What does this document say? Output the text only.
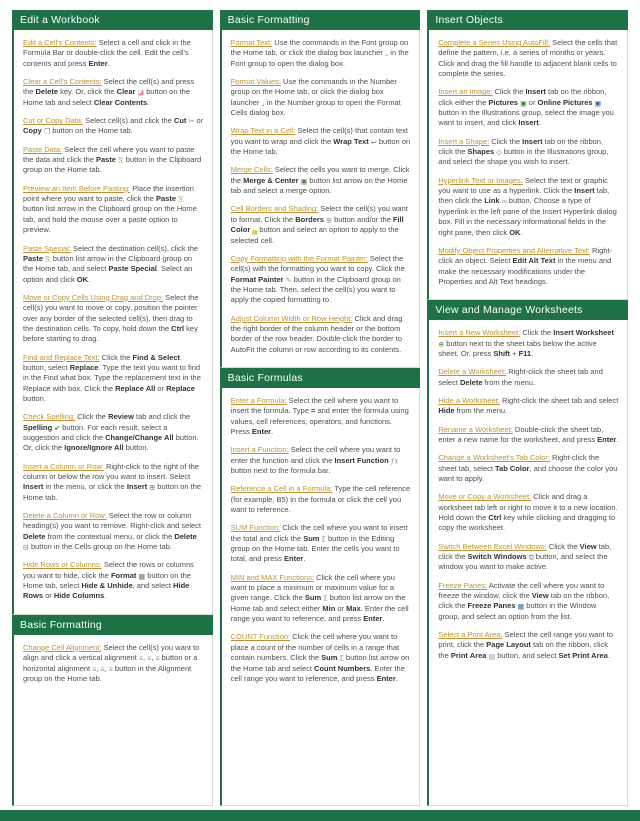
Edit a Workbook

Edit a Cell's Contents: Select a cell and click in the Formula Bar or double-click the cell. Edit the cell's contents and press Enter.

Clear a Cell's Contents: Select the cell(s) and press the Delete key. Or, click the Clear ◪ button on the Home tab and select Clear Contents.

Cut or Copy Data: Select cell(s) and click the Cut ✂ or Copy ❐ button on the Home tab.

Paste Data: Select the cell where you want to paste the data and click the Paste ⎘ button in the Clipboard group on the Home tab.

Preview an Item Before Pasting: Place the insertion point where you want to paste, click the Paste ⎘ button list arrow in the Clipboard group on the Home tab, and hold the mouse over a paste option to preview.

Paste Special: Select the destination cell(s), click the Paste ⎘ button list arrow in the Clipboard group on the Home tab, and select Paste Special. Select an option and click OK.

Move or Copy Cells Using Drag and Drop: Select the cell(s) you want to move or copy, position the pointer over any border of the selected cell(s), then drag to the destination cells. To copy, hold down the Ctrl key before starting to drag.

Find and Replace Text: Click the Find & Select button, select Replace. Type the text you want to find in the Find what box. Type the replacement text in the Replace with box. Click the Replace All or Replace button.

Check Spelling: Click the Review tab and click the Spelling ✔ button. For each result, select a suggestion and click the Change/Change All button. Or, click the Ignore/Ignore All button.

Insert a Column or Row: Right-click to the right of the column or below the row you want to insert. Select Insert in the menu, or click the Insert ⊞ button on the Home tab.

Delete a Column or Row: Select the row or column heading(s) you want to remove. Right-click and select Delete from the contextual menu, or click the Delete ⊟ button in the Cells group on the Home tab.

Hide Rows or Columns: Select the rows or columns you want to hide, click the Format ▦ button on the Home tab, select Hide & Unhide, and select Hide Rows or Hide Columns.

Basic Formatting

Change Cell Alignment: Select the cell(s) you want to align and click a vertical alignment ≡, ≡, ≡ button or a horizontal alignment ≡, ≡, ≡ button in the Alignment group on the Home tab.

Basic Formatting

Format Text: Use the commands in the Font group on the Home tab, or click the dialog box launcher ⌟ in the Font group to open the dialog box.

Format Values: Use the commands in the Number group on the Home tab, or click the dialog box launcher ⌟ in the Number group to open the Format Cells dialog box.

Wrap Text in a Cell: Select the cell(s) that contain text you want to wrap and click the Wrap Text ↩ button on the Home tab.

Merge Cells: Select the cells you want to merge. Click the Merge & Center ▣ button list arrow on the Home tab and select a merge option.

Cell Borders and Shading: Select the cell(s) you want to format. Click the Borders ⊞ button and/or the Fill Color ▄ button and select an option to apply to the selected cell.

Copy Formatting with the Format Painter: Select the cell(s) with the formatting you want to copy. Click the Format Painter ✎ button in the Clipboard group on the Home tab. Then, select the cell(s) you want to apply the copied formatting to.

Adjust Column Width or Row Height: Click and drag the right border of the column header or the bottom border of the row header. Double-click the border to AutoFit the column or row according to its contents.

Basic Formulas

Enter a Formula: Select the cell where you want to insert the formula. Type = and enter the formula using values, cell references, operators, and functions. Press Enter.

Insert a Function: Select the cell where you want to enter the function and click the Insert Function ƒx button next to the formula bar.

Reference a Cell in a Formula: Type the cell reference (for example, B5) in the formula or click the cell you want to reference.

SUM Function: Click the cell where you want to insert the total and click the Sum Σ button in the Editing group on the Home tab. Enter the cells you want to total, and press Enter.

MIN and MAX Functions: Click the cell where you want to place a minimum or maximum value for a given range. Click the Sum Σ button list arrow on the Home tab and select either Min or Max. Enter the cell range you want to reference, and press Enter.

COUNT Function: Click the cell where you want to place a count of the number of cells in a range that contain numbers. Click the Sum Σ button list arrow on the Home tab and select Count Numbers. Enter the cell range you want to reference, and press Enter.

Insert Objects

Complete a Series Using AutoFill: Select the cells that define the pattern, i.e. a series of months or years. Click and drag the fill handle to adjacent blank cells to complete the series.

Insert an Image: Click the Insert tab on the ribbon, click either the Pictures ▣ or Online Pictures ▣ button in the Illustrations group, select the image you want to insert, and click Insert.

Insert a Shape: Click the Insert tab on the ribbon, click the Shapes ◇ button in the Illustrations group, and select the shape you wish to insert.

Hyperlink Text or Images: Select the text or graphic you want to use as a hyperlink. Click the Insert tab, then click the Link ∞ button. Choose a type of hyperlink in the left pane of the Insert Hyperlink dialog box. Fill in the necessary informational fields in the right pane, then click OK.

Modify Object Properties and Alternative Text: Right-click an object. Select Edit Alt Text in the menu and make the necessary modifications under the Properties and Alt Text headings.

View and Manage Worksheets

Insert a New Worksheet: Click the Insert Worksheet ⊕ button next to the sheet tabs below the active sheet. Or, press Shift + F11.

Delete a Worksheet: Right-click the sheet tab and select Delete from the menu.

Hide a Worksheet: Right-click the sheet tab and select Hide from the menu.

Rename a Worksheet: Double-click the sheet tab, enter a new name for the worksheet, and press Enter.

Change a Worksheet's Tab Color: Right-click the sheet tab, select Tab Color, and choose the color you want to apply.

Move or Copy a Worksheet: Click and drag a worksheet tab left or right to move it to a new location. Hold down the Ctrl key while clicking and dragging to copy the worksheet.

Switch Between Excel Windows: Click the View tab, click the Switch Windows ⧉ button, and select the window you want to make active.

Freeze Panes: Activate the cell where you want to freeze the window, click the View tab on the ribbon, click the Freeze Panes ▦ button in the Window group, and select an option from the list.

Select a Print Area: Select the cell range you want to print, click the Page Layout tab on the ribbon, click the Print Area ▤ button, and select Set Print Area.
